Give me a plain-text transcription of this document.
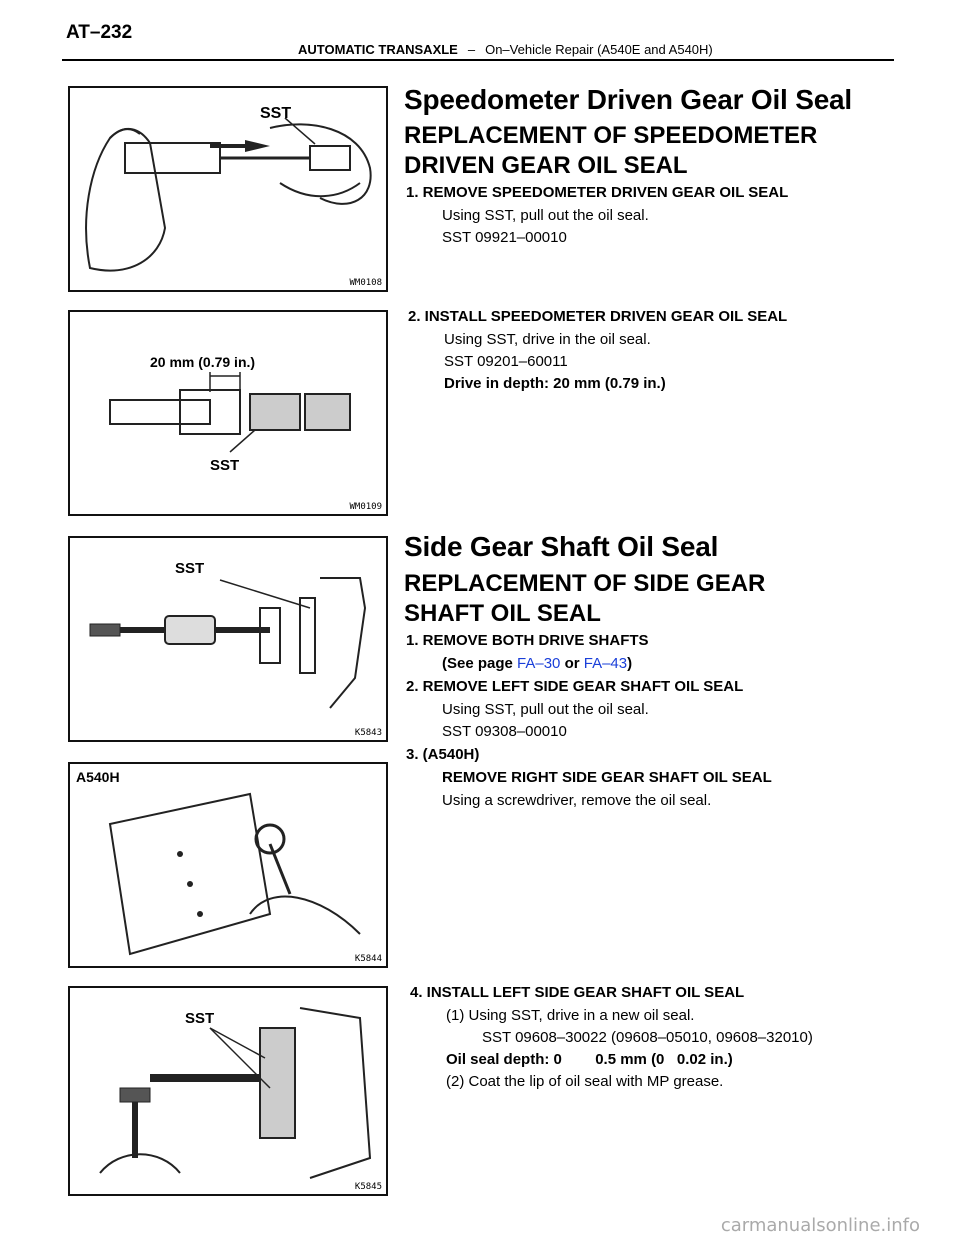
AT–232
AUTOMATIC TRANSAXLE – On–Vehicle Repair (A540E and A540H)
SST
WM0108
20 mm (0.79 in.)
SST
WM0109
SST
K5843
A540H
K5844
SST
K5845
Speedometer Driven Gear Oil Seal
REPLACEMENT OF SPEEDOMETER
DRIVEN GEAR OIL SEAL
1. REMOVE SPEEDOMETER DRIVEN GEAR OIL SEAL
Using SST, pull out the oil seal.
SST 09921–00010
2. INSTALL SPEEDOMETER DRIVEN GEAR OIL SEAL
Using SST, drive in the oil seal.
SST 09201–60011
Drive in depth: 20 mm (0.79 in.)
Side Gear Shaft Oil Seal
REPLACEMENT OF SIDE GEAR
SHAFT OIL SEAL
1. REMOVE BOTH DRIVE SHAFTS
(See page FA–30 or FA–43)
2. REMOVE LEFT SIDE GEAR SHAFT OIL SEAL
Using SST, pull out the oil seal.
SST 09308–00010
3. (A540H)
REMOVE RIGHT SIDE GEAR SHAFT OIL SEAL
Using a screwdriver, remove the oil seal.
4. INSTALL LEFT SIDE GEAR SHAFT OIL SEAL
(1) Using SST, drive in a new oil seal.
SST 09608–30022 (09608–05010, 09608–32010)
Oil seal depth: 0        0.5 mm (0   0.02 in.)
(2) Coat the lip of oil seal with MP grease.
carmanualsonline.info
